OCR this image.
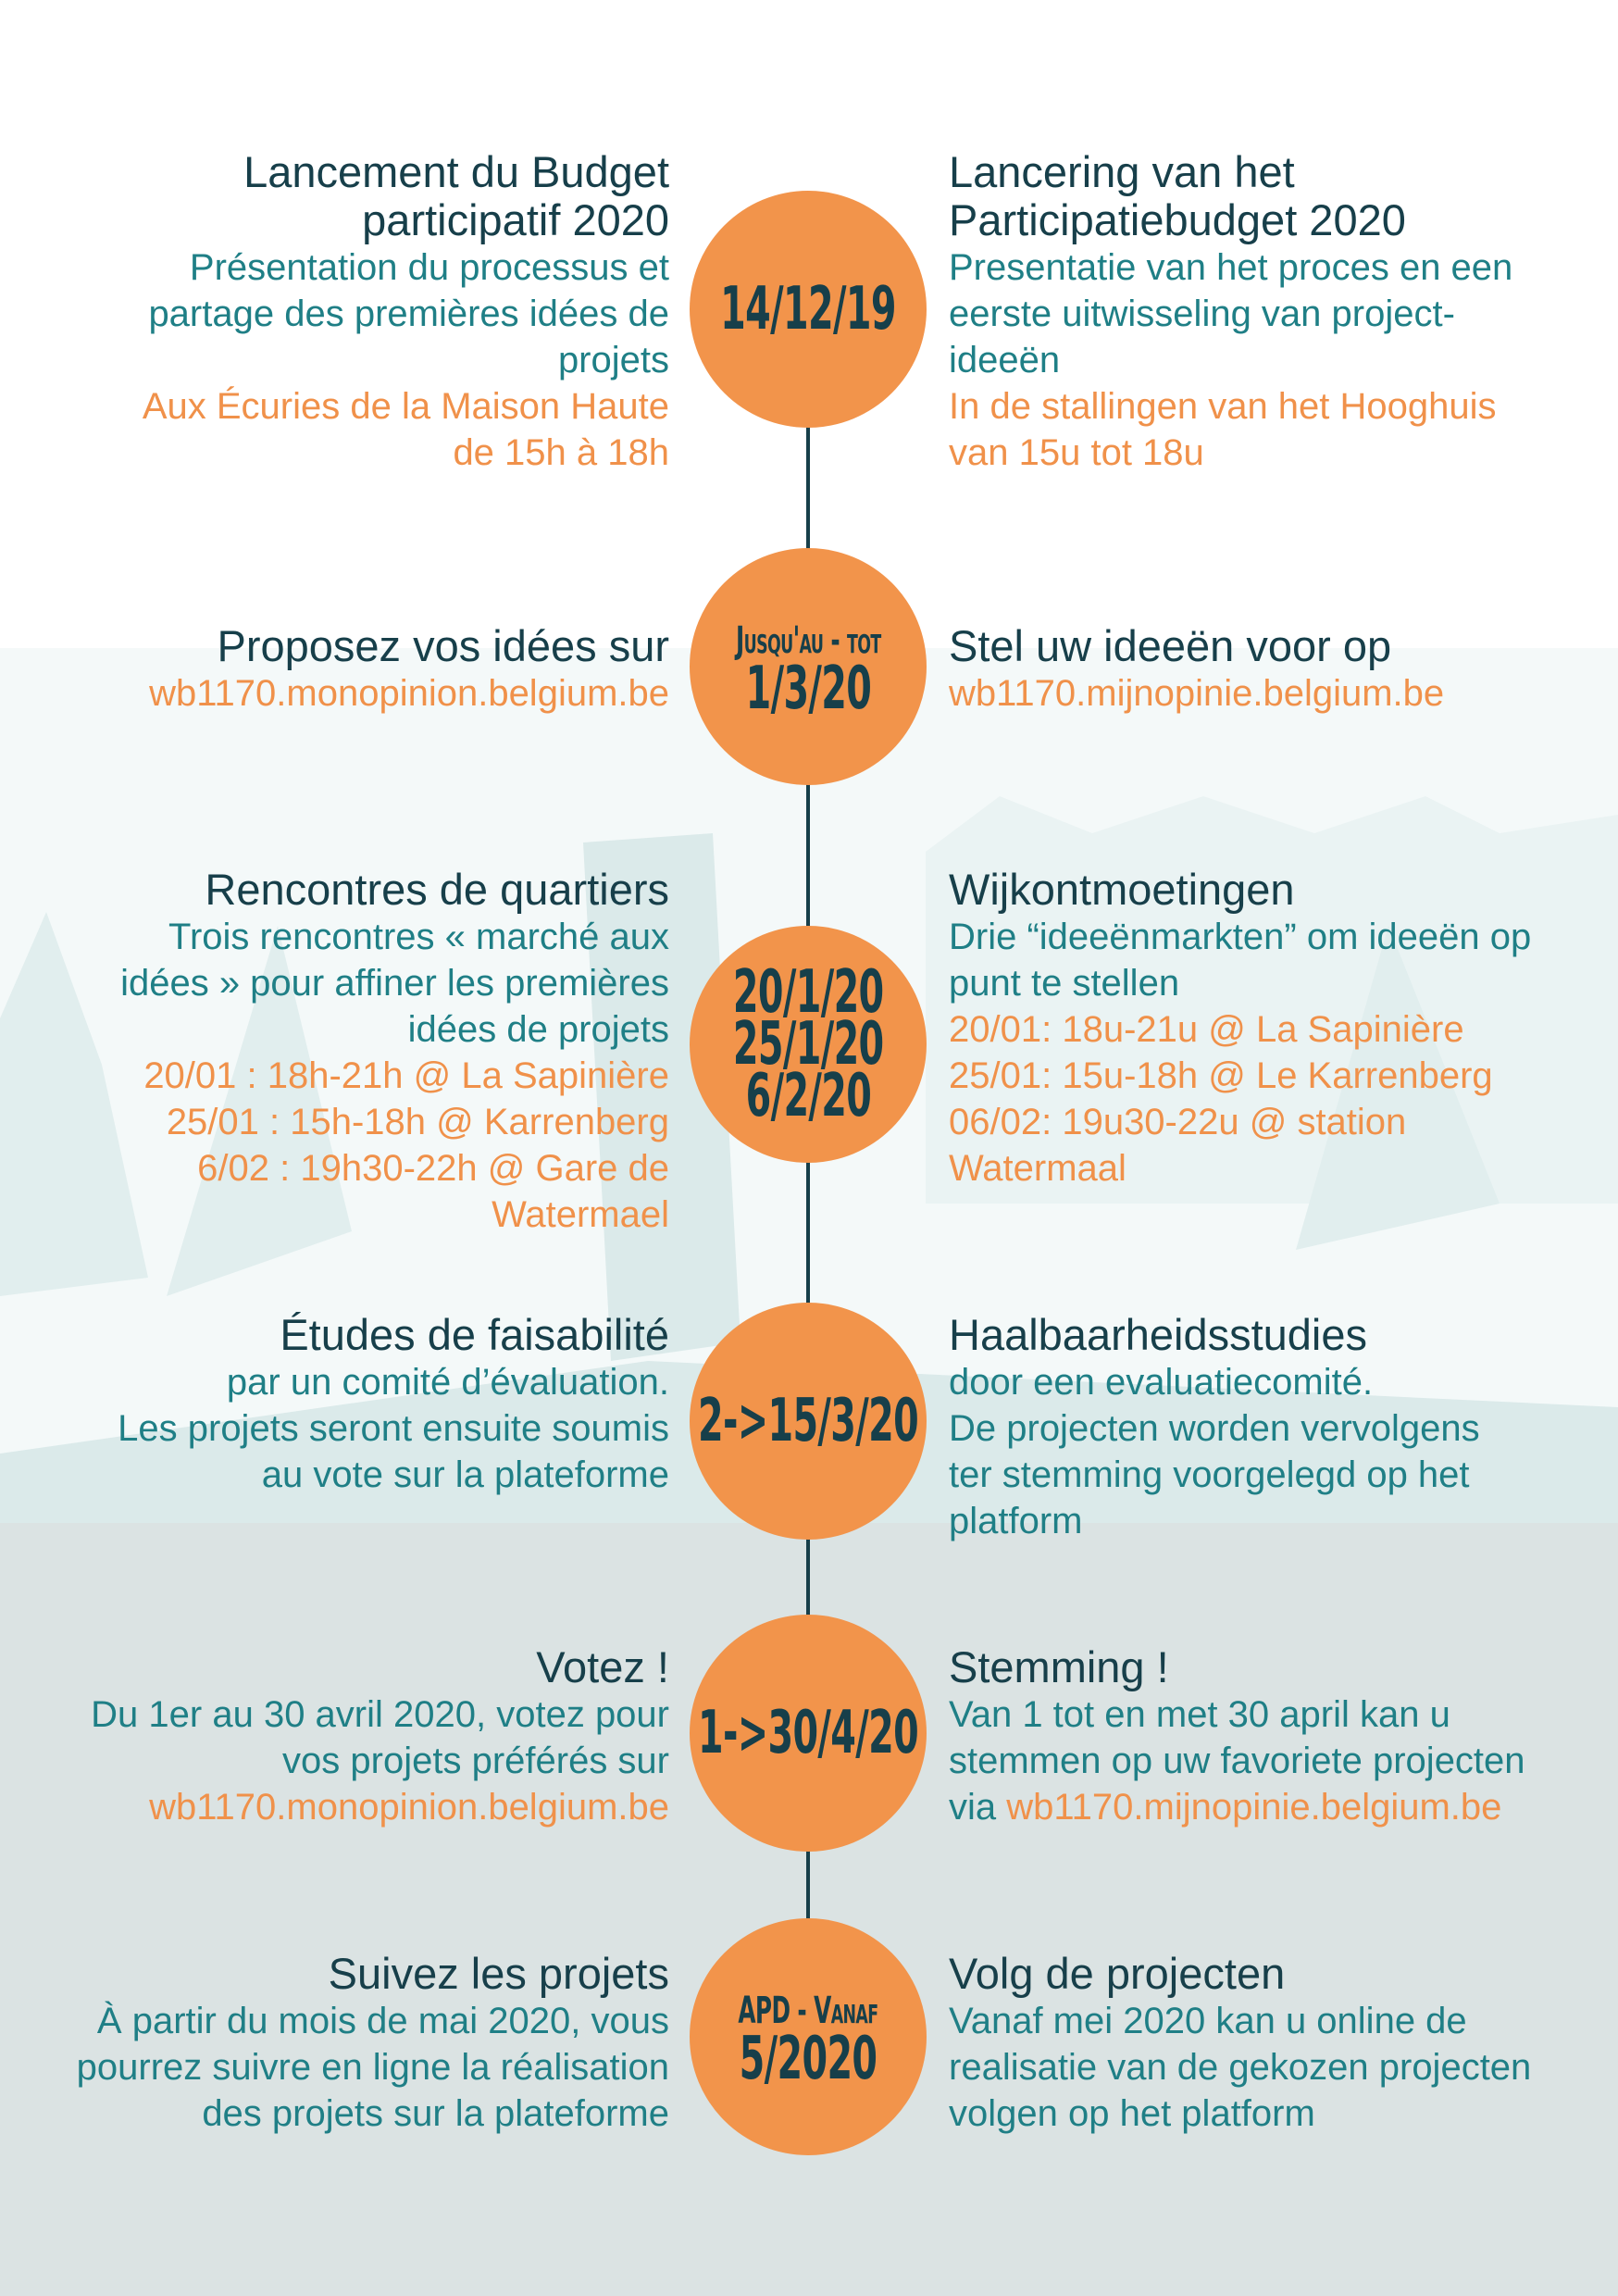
14/12/19
Lancement du Budget
participatif 2020
Présentation du processus et
partage des premières idées de
projets
Aux Écuries de la Maison Haute
de 15h à 18h
Lancering van het
Participatiebudget 2020
Presentatie van het proces en een
eerste uitwisseling van project-
ideeën
In de stallingen van het Hooghuis
van 15u tot 18u
Jusqu'au - tot
1/3/20
Proposez vos idées sur
wb1170.monopinion.belgium.be
Stel uw ideeën voor op
wb1170.mijnopinie.belgium.be
20/1/20
25/1/20
6/2/20
Rencontres de quartiers
Trois rencontres « marché aux
idées » pour affiner les premières
idées de projets
20/01 : 18h-21h @ La Sapinière
25/01 : 15h-18h @ Karrenberg
6/02 : 19h30-22h @ Gare de
Watermael
Wijkontmoetingen
Drie “ideeënmarkten” om ideeën op
punt te stellen
20/01: 18u-21u @ La Sapinière
25/01: 15u-18h @ Le Karrenberg
06/02: 19u30-22u @ station
Watermaal
2->15/3/20
Études de faisabilité
par un comité d’évaluation.
Les projets seront ensuite soumis
au vote sur la plateforme
Haalbaarheidsstudies
door een evaluatiecomité.
De projecten worden vervolgens
ter stemming voorgelegd op het
platform
1->30/4/20
Votez !
Du 1er au 30 avril 2020, votez pour
vos projets préférés sur
wb1170.monopinion.belgium.be
Stemming !
Van 1 tot en met 30 april kan u
stemmen op uw favoriete projecten
via wb1170.mijnopinie.belgium.be
APD - Vanaf
5/2020
Suivez les projets
À partir du mois de mai 2020, vous
pourrez suivre en ligne la réalisation
des projets sur la plateforme
Volg de projecten
Vanaf mei 2020 kan u online de
realisatie van de gekozen projecten
volgen op het platform
